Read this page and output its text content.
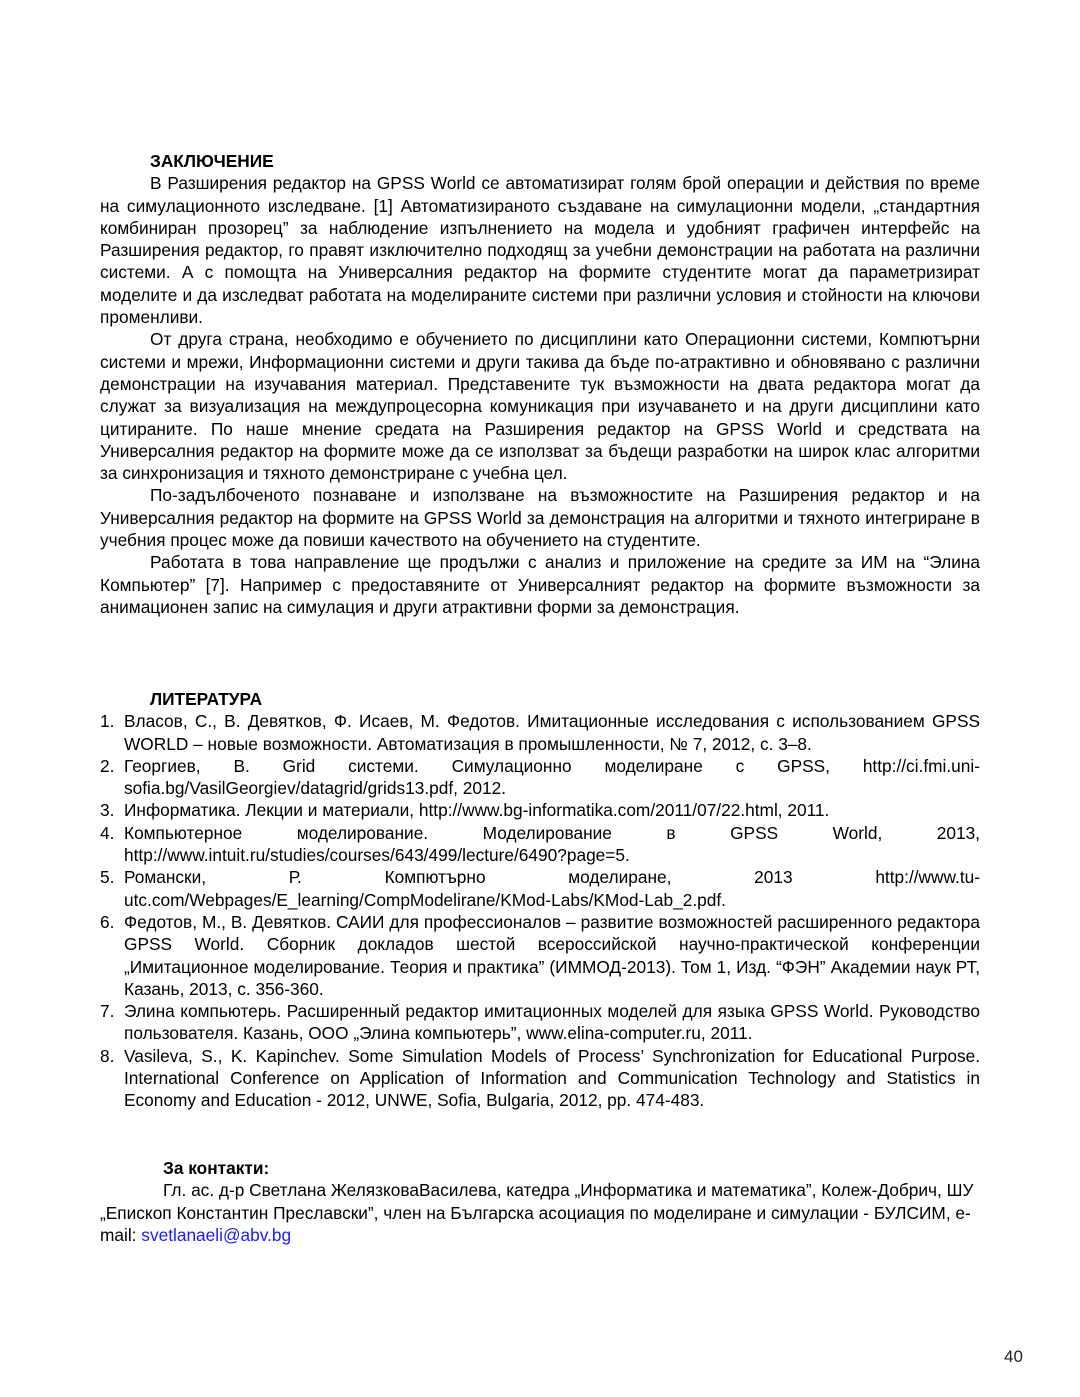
ЗАКЛЮЧЕНИЕ

В Разширения редактор на GPSS World се автоматизират голям брой операции и действия по време на симулационното изследване. [1] Автоматизираното създаване на симулационни модели, „стандартния комбиниран прозорец” за наблюдение изпълнението на модела и удобният графичен интерфейс на Разширения редактор, го правят изключително подходящ за учебни демонстрации на работата на различни системи. А с помощта на Универсалния редактор на формите студентите могат да параметризират моделите и да изследват работата на моделираните системи при различни условия и стойности на ключови променливи.

От друга страна, необходимо е обучението по дисциплини като Операционни системи, Компютърни системи и мрежи, Информационни системи и други такива да бъде по-атрактивно и обновявано с различни демонстрации на изучавания материал. Представените тук възможности на двата редактора могат да служат за визуализация на междупроцесорна комуникация при изучаването и на други дисциплини като цитираните. По наше мнение средата на Разширения редактор на GPSS World и средствата на Универсалния редактор на формите може да се използват за бъдещи разработки на широк клас алгоритми за синхронизация и тяхното демонстриране с учебна цел.

По-задълбоченото познаване и използване на възможностите на Разширения редактор и на Универсалния редактор на формите на GPSS World за демонстрация на алгоритми и тяхното интегриране в учебния процес може да повиши качеството на обучението на студентите.

Работата в това направление ще продължи с анализ и приложение на средите за ИМ на “Элина Компьютер” [7]. Например с предоставяните от Универсалният редактор на формите възможности за анимационен запис на симулация и други атрактивни форми за демонстрация.

ЛИТЕРАТУРА
1. Власов, С., В. Девятков, Ф. Исаев, М. Федотов. Имитационные исследования с использованием GPSS WORLD – новые возможности. Автоматизация в промышленности, № 7, 2012, с. 3–8.
2. Георгиев, В. Grid системи. Симулационно моделиране с GPSS, http://ci.fmi.uni-sofia.bg/VasilGeorgiev/datagrid/grids13.pdf, 2012.
3. Информатика. Лекции и материали, http://www.bg-informatika.com/2011/07/22.html, 2011.
4. Компьютерное моделирование. Моделирование в GPSS World, 2013, http://www.intuit.ru/studies/courses/643/499/lecture/6490?page=5.
5. Романски, Р. Компютърно моделиране, 2013 http://www.tu-utc.com/Webpages/E_learning/CompModelirane/KMod-Labs/KMod-Lab_2.pdf.
6. Федотов, М., В. Девятков. САИИ для профессионалов – развитие возможностей расширенного редактора GPSS World. Сборник докладов шестой всероссийской научно-практической конференции „Имитационное моделирование. Теория и практика” (ИММОД-2013). Том 1, Изд. “ФЭН” Академии наук РТ, Казань, 2013, с. 356-360.
7. Элина компьютерь. Расширенный редактор имитационных моделей для языка GPSS World. Руководство пользователя. Казань, ООО „Элина компьютерь”, www.elina-computer.ru, 2011.
8. Vasileva, S., K. Kapinchev. Some Simulation Models of Process’ Synchronization for Educational Purpose. International Conference on Application of Information and Communication Technology and Statistics in Economy and Education - 2012, UNWE, Sofia, Bulgaria, 2012, pp. 474-483.
За контакти:

Гл. ас. д-р Светлана ЖелязковаВасилева, катедра „Информатика и математика”, Колеж-Добрич, ШУ „Епископ Константин Преславски”, член на Българска асоциация по моделиране и симулации - БУЛСИМ, e-mail: svetlanaeli@abv.bg

40
